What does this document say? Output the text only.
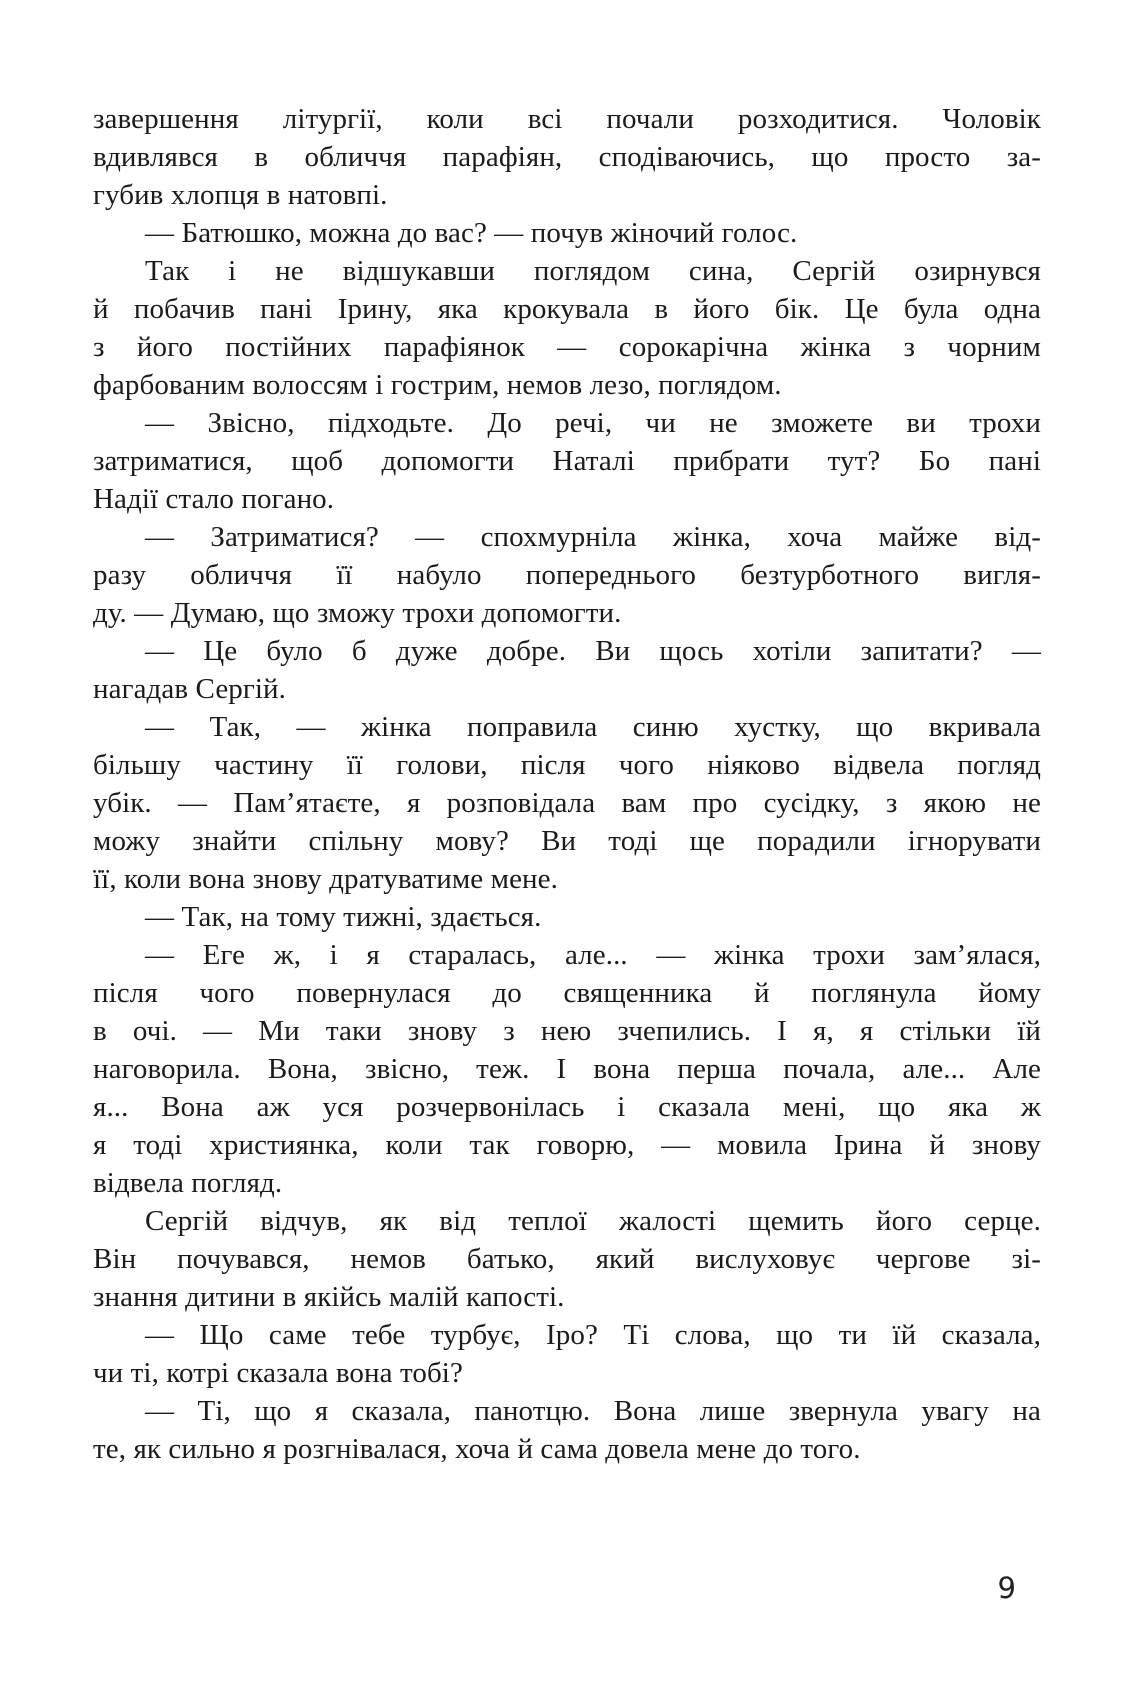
завершення літургії, коли всі почали розходитися. Чоловік
вдивлявся в обличчя парафіян, сподіваючись, що просто за-
губив хлопця в натовпі.

— Батюшко, можна до вас? — почув жіночий голос.

Так і не відшукавши поглядом сина, Сергій озирнувся
й побачив пані Ірину, яка крокувала в його бік. Це була одна
з його постійних парафіянок — сорокарічна жінка з чорним
фарбованим волоссям і гострим, немов лезо, поглядом.

— Звісно, підходьте. До речі, чи не зможете ви трохи
затриматися, щоб допомогти Наталі прибрати тут? Бо пані
Надії стало погано.

— Затриматися? — спохмурніла жінка, хоча майже від-
разу обличчя її набуло попереднього безтурботного вигля-
ду. — Думаю, що зможу трохи допомогти.

— Це було б дуже добре. Ви щось хотіли запитати? —
нагадав Сергій.

— Так, — жінка поправила синю хустку, що вкривала
більшу частину її голови, після чого ніяково відвела погляд
убік. — Пам’ятаєте, я розповідала вам про сусідку, з якою не
можу знайти спільну мову? Ви тоді ще порадили ігнорувати
її, коли вона знову дратуватиме мене.

— Так, на тому тижні, здається.

— Еге ж, і я старалась, але... — жінка трохи зам’ялася,
після чого повернулася до священника й поглянула йому
в очі. — Ми таки знову з нею зчепились. І я, я стільки їй
наговорила. Вона, звісно, теж. І вона перша почала, але... Але
я... Вона аж уся розчервонілась і сказала мені, що яка ж
я тоді християнка, коли так говорю, — мовила Ірина й знову
відвела погляд.

Сергій відчув, як від теплої жалості щемить його серце.
Він почувався, немов батько, який вислуховує чергове зі-
знання дитини в якійсь малій капості.

— Що саме тебе турбує, Іро? Ті слова, що ти їй сказала,
чи ті, котрі сказала вона тобі?

— Ті, що я сказала, панотцю. Вона лише звернула увагу на
те, як сильно я розгнівалася, хоча й сама довела мене до того.

9
